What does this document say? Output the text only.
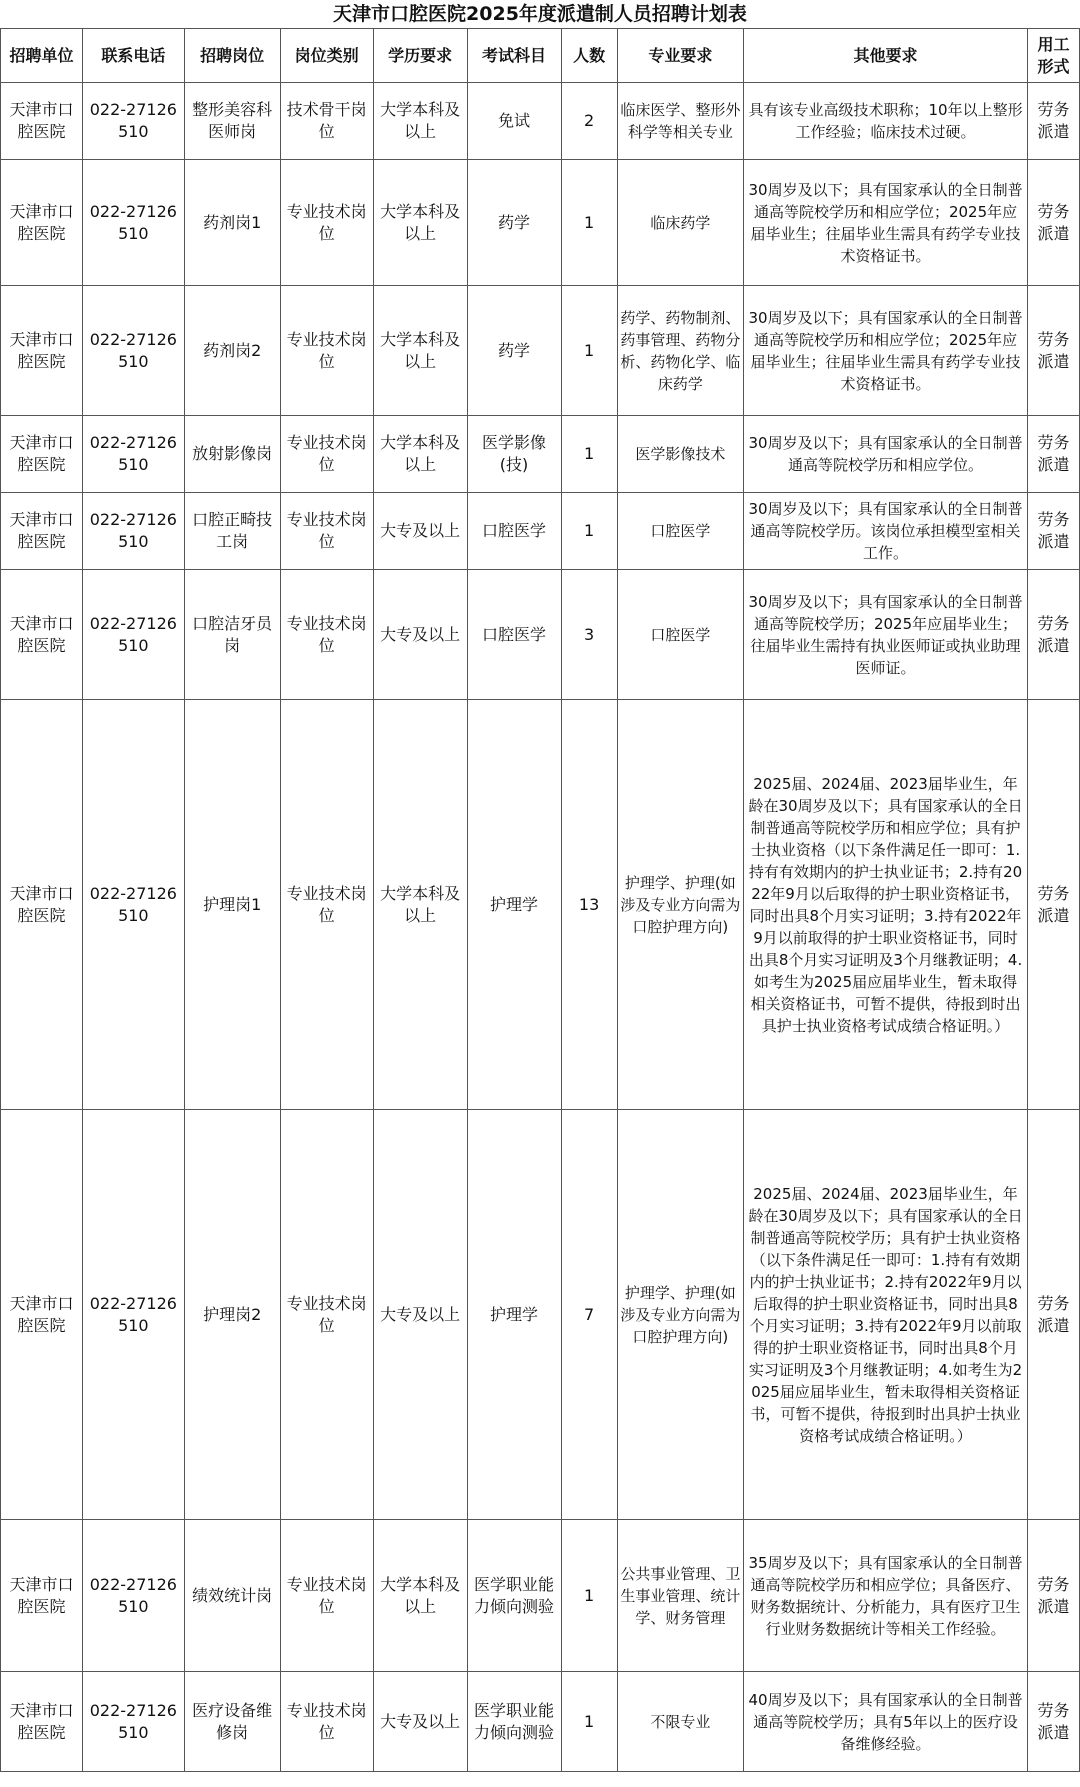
天津市口腔医院2025年度派遣制人员招聘计划表
招聘单位	联系电话	招聘岗位	岗位类别	学历要求	考试科目	人数	专业要求	其他要求	用工形式
天津市口腔医院	022-27126510	整形美容科医师岗	技术骨干岗位	大学本科及以上	免试	2	临床医学、整形外科学等相关专业	具有该专业高级技术职称；10年以上整形工作经验；临床技术过硬。	劳务派遣
天津市口腔医院	022-27126510	药剂岗1	专业技术岗位	大学本科及以上	药学	1	临床药学	30周岁及以下；具有国家承认的全日制普通高等院校学历和相应学位；2025年应届毕业生；往届毕业生需具有药学专业技术资格证书。	劳务派遣
天津市口腔医院	022-27126510	药剂岗2	专业技术岗位	大学本科及以上	药学	1	药学、药物制剂、药事管理、药物分析、药物化学、临床药学	30周岁及以下；具有国家承认的全日制普通高等院校学历和相应学位；2025年应届毕业生；往届毕业生需具有药学专业技术资格证书。	劳务派遣
天津市口腔医院	022-27126510	放射影像岗	专业技术岗位	大学本科及以上	医学影像(技)	1	医学影像技术	30周岁及以下；具有国家承认的全日制普通高等院校学历和相应学位。	劳务派遣
天津市口腔医院	022-27126510	口腔正畸技工岗	专业技术岗位	大专及以上	口腔医学	1	口腔医学	30周岁及以下；具有国家承认的全日制普通高等院校学历。该岗位承担模型室相关工作。	劳务派遣
天津市口腔医院	022-27126510	口腔洁牙员岗	专业技术岗位	大专及以上	口腔医学	3	口腔医学	30周岁及以下；具有国家承认的全日制普通高等院校学历；2025年应届毕业生；往届毕业生需持有执业医师证或执业助理医师证。	劳务派遣
天津市口腔医院	022-27126510	护理岗1	专业技术岗位	大学本科及以上	护理学	13	护理学、护理(如涉及专业方向需为口腔护理方向)	2025届、2024届、2023届毕业生，年龄在30周岁及以下；具有国家承认的全日制普通高等院校学历和相应学位；具有护士执业资格（以下条件满足任一即可：1.持有有效期内的护士执业证书；2.持有2022年9月以后取得的护士职业资格证书，同时出具8个月实习证明；3.持有2022年9月以前取得的护士职业资格证书，同时出具8个月实习证明及3个月继教证明；4.如考生为2025届应届毕业生，暂未取得相关资格证书，可暂不提供，待报到时出具护士执业资格考试成绩合格证明。）	劳务派遣
天津市口腔医院	022-27126510	护理岗2	专业技术岗位	大专及以上	护理学	7	护理学、护理(如涉及专业方向需为口腔护理方向)	2025届、2024届、2023届毕业生，年龄在30周岁及以下；具有国家承认的全日制普通高等院校学历；具有护士执业资格（以下条件满足任一即可：1.持有有效期内的护士执业证书；2.持有2022年9月以后取得的护士职业资格证书，同时出具8个月实习证明；3.持有2022年9月以前取得的护士职业资格证书，同时出具8个月实习证明及3个月继教证明；4.如考生为2025届应届毕业生，暂未取得相关资格证书，可暂不提供，待报到时出具护士执业资格考试成绩合格证明。）	劳务派遣
天津市口腔医院	022-27126510	绩效统计岗	专业技术岗位	大学本科及以上	医学职业能力倾向测验	1	公共事业管理、卫生事业管理、统计学、财务管理	35周岁及以下；具有国家承认的全日制普通高等院校学历和相应学位；具备医疗、财务数据统计、分析能力，具有医疗卫生行业财务数据统计等相关工作经验。	劳务派遣
天津市口腔医院	022-27126510	医疗设备维修岗	专业技术岗位	大专及以上	医学职业能力倾向测验	1	不限专业	40周岁及以下；具有国家承认的全日制普通高等院校学历；具有5年以上的医疗设备维修经验。	劳务派遣
